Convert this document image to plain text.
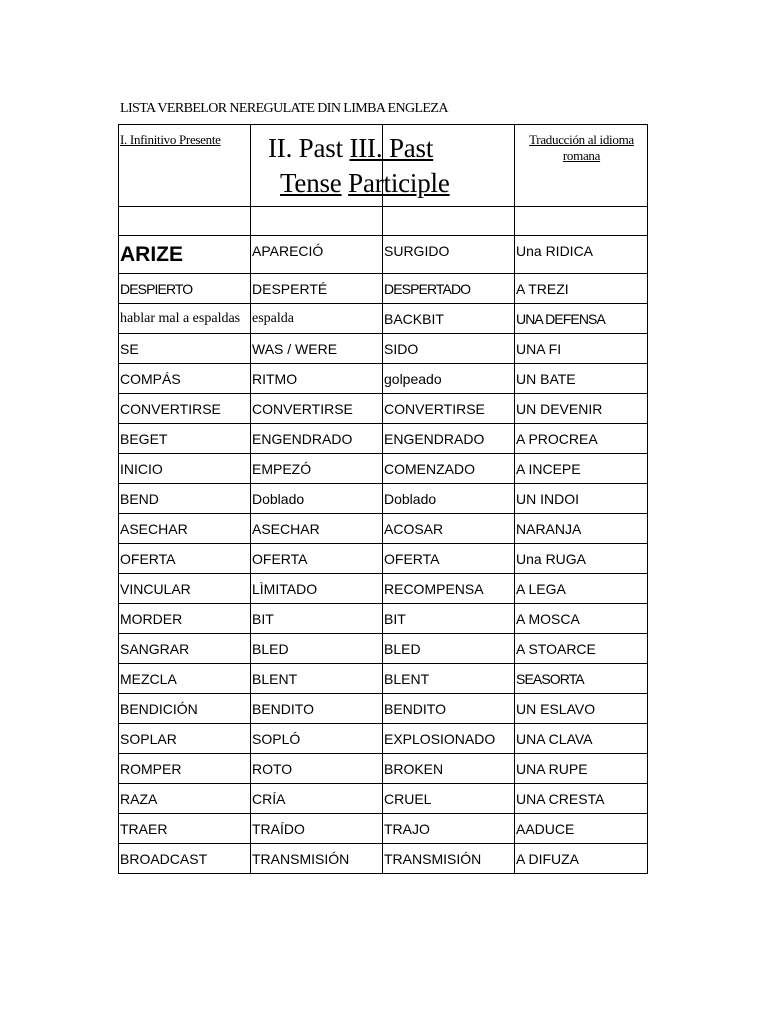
LISTA VERBELOR NEREGULATE DIN LIMBA ENGLEZA
I. Infinitivo Presente	II. Past III. Past
Tense Participle		Traducción al idioma romana

ARIZE	APARECIÓ	SURGIDO	Una RIDICA
DESPIERTO	DESPERTÉ	DESPERTADO	A TREZI
hablar mal a espaldas	espalda	BACKBIT	UNA DEFENSA
SE	WAS / WERE	SIDO	UNA FI
COMPÁS	RITMO	golpeado	UN BATE
CONVERTIRSE	CONVERTIRSE	CONVERTIRSE	UN DEVENIR
BEGET	ENGENDRADO	ENGENDRADO	A PROCREA
INICIO	EMPEZÓ	COMENZADO	A INCEPE
BEND	Doblado	Doblado	UN INDOI
ASECHAR	ASECHAR	ACOSAR	NARANJA
OFERTA	OFERTA	OFERTA	Una RUGA
VINCULAR	LÌMITADO	RECOMPENSA	A LEGA
MORDER	BIT	BIT	A MOSCA
SANGRAR	BLED	BLED	A STOARCE
MEZCLA	BLENT	BLENT	SEASORTA
BENDICIÓN	BENDITO	BENDITO	UN ESLAVO
SOPLAR	SOPLÓ	EXPLOSIONADO	UNA CLAVA
ROMPER	ROTO	BROKEN	UNA RUPE
RAZA	CRÍA	CRUEL	UNA CRESTA
TRAER	TRAÍDO	TRAJO	AADUCE
BROADCAST	TRANSMISIÓN	TRANSMISIÓN	A DIFUZA
